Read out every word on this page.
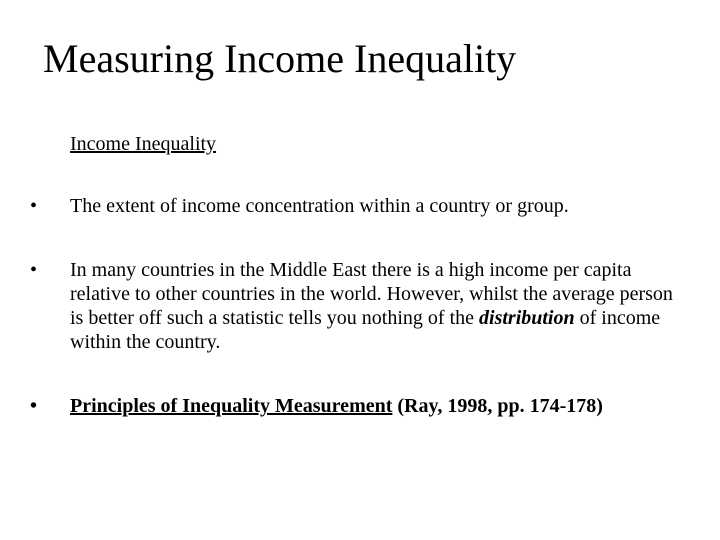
Measuring Income Inequality
Income Inequality
•	The extent of income concentration within a country or group.
•	In many countries in the Middle East there is a high income per capita relative to other countries in the world. However, whilst the average person is better off such a statistic tells you nothing of the distribution of income within the country.
•	Principles of Inequality Measurement (Ray, 1998, pp. 174-178)
